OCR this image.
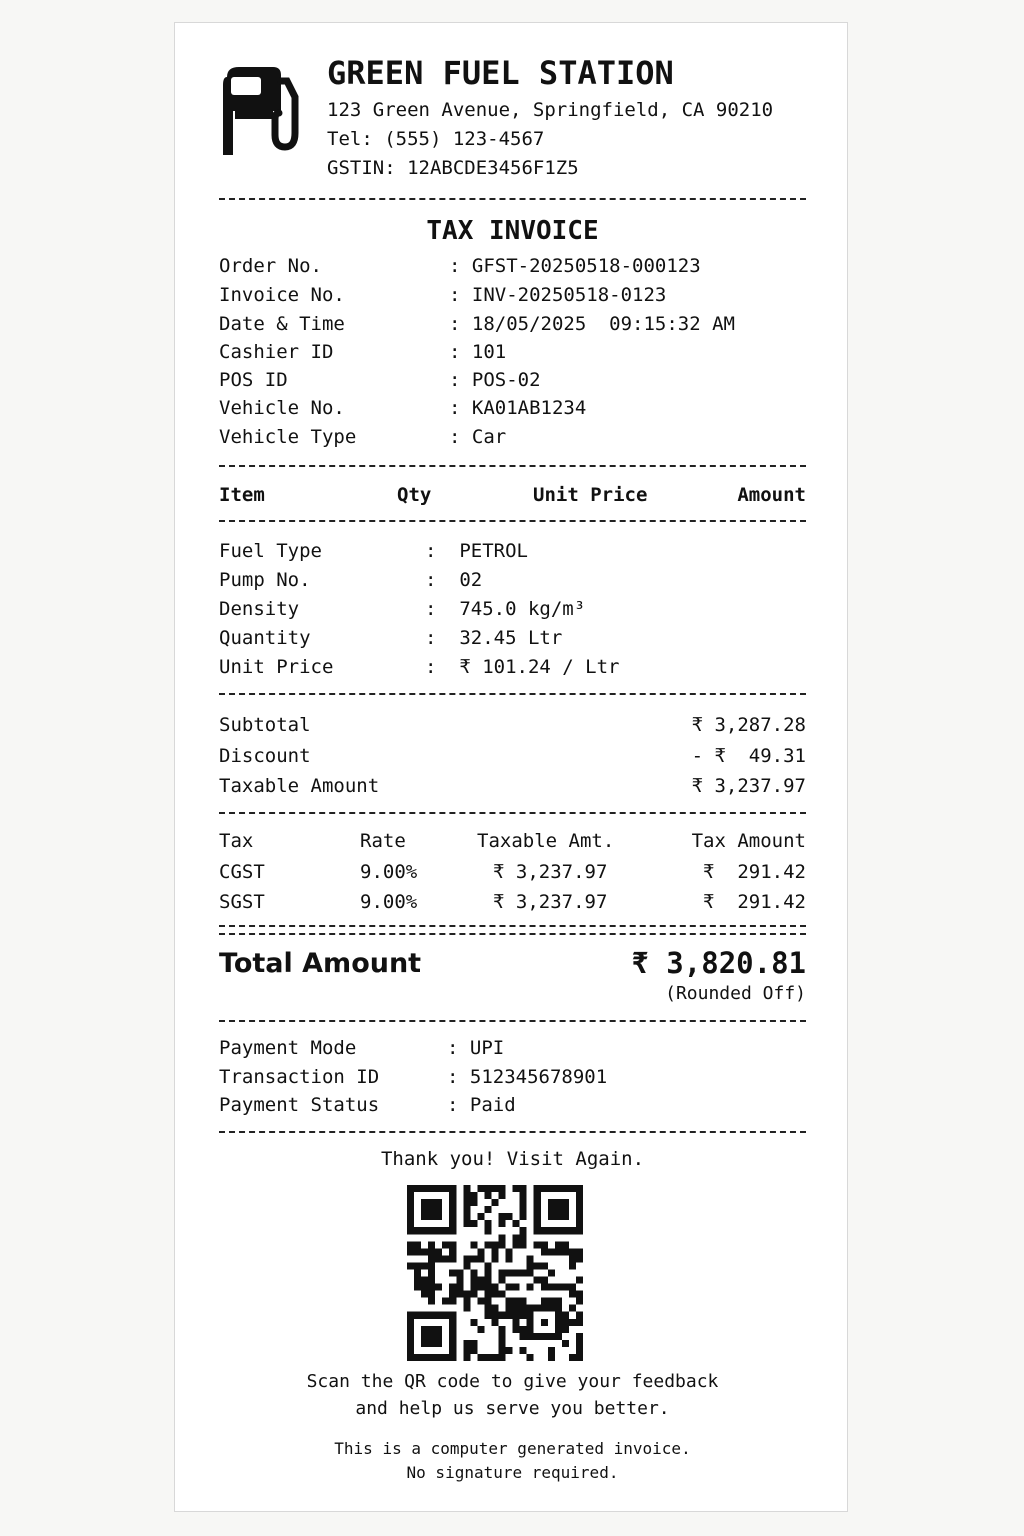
GREEN FUEL STATION
123 Green Avenue, Springfield, CA 90210
Tel: (555) 123-4567
GSTIN: 12ABCDE3456F1Z5
TAX INVOICE
Order No.	: GFST-20250518-000123
Invoice No.	: INV-20250518-0123
Date & Time	: 18/05/2025  09:15:32 AM
Cashier ID	: 101
POS ID	: POS-02
Vehicle No.	: KA01AB1234
Vehicle Type	: Car
Item	Qty	Unit Price	Amount
Fuel Type	:  PETROL
Pump No.	:  02
Density	:  745.0 kg/m³
Quantity	:  32.45 Ltr
Unit Price	:  ₹ 101.24 / Ltr
Subtotal	₹ 3,287.28
Discount	- ₹  49.31
Taxable Amount	₹ 3,237.97
Tax	Rate	Taxable Amt.	Tax Amount
CGST	9.00%	₹ 3,237.97	₹  291.42
SGST	9.00%	₹ 3,237.97	₹  291.42
Total Amount	₹ 3,820.81
(Rounded Off)
Payment Mode	: UPI
Transaction ID	: 512345678901
Payment Status	: Paid
Thank you! Visit Again.
Scan the QR code to give your feedback
and help us serve you better.
This is a computer generated invoice.
No signature required.
